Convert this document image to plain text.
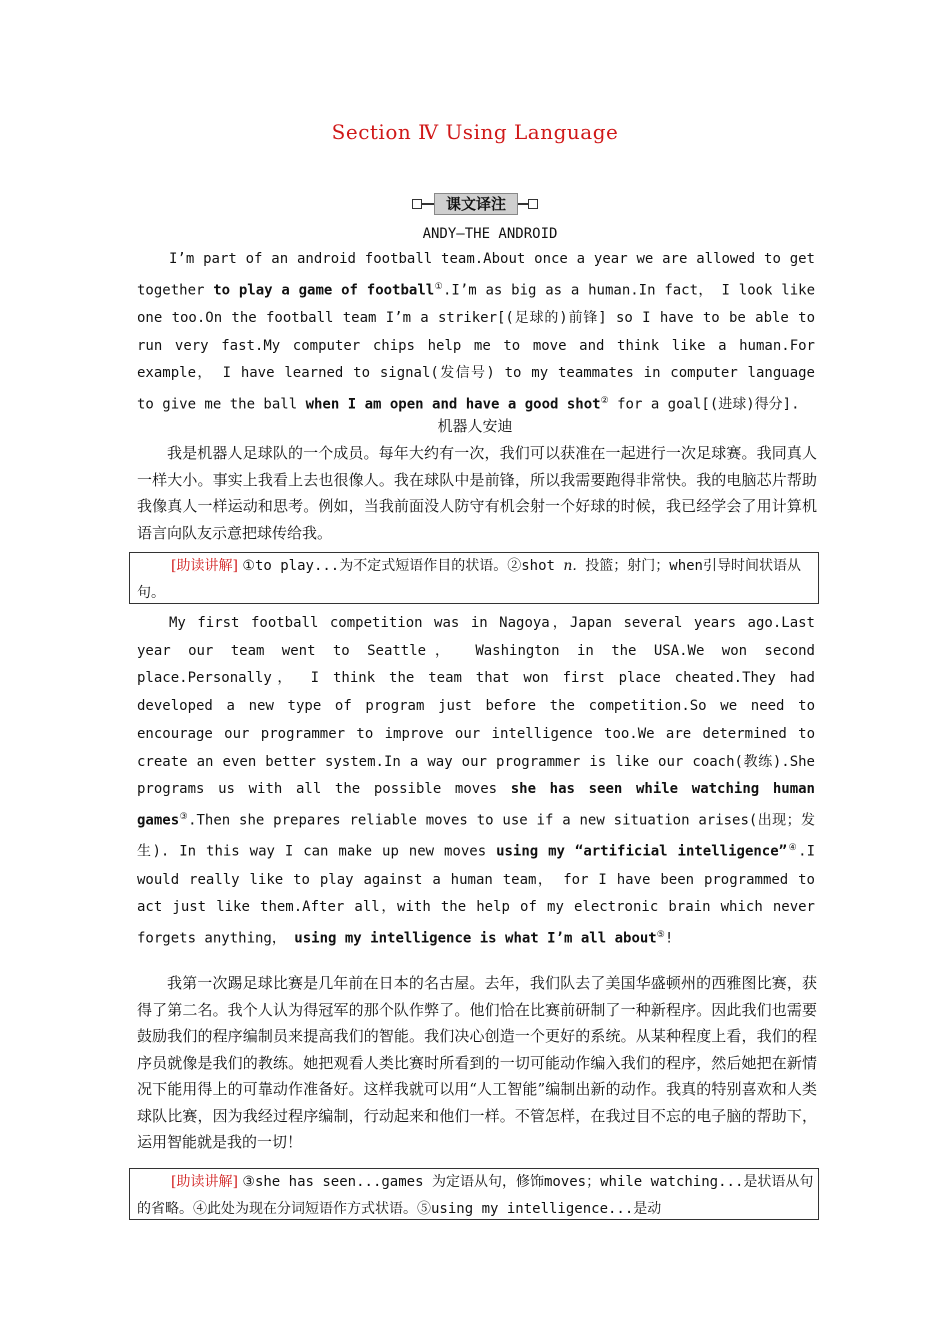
Section Ⅳ Using Language
课文译注
ANDY—THE ANDROID
I’m part of an android football team.About once a year we are allowed to get together to play a game of football①.I’m as big as a human.In fact， I look like one too.On the football team I’m a striker[(足球的)前锋] so I have to be able to run very fast.My computer chips help me to move and think like a human.For example， I have learned to signal(发信号) to my teammates in computer language to give me the ball when I am open and have a good shot② for a goal[(进球)得分].
机器人安迪
我是机器人足球队的一个成员。每年大约有一次，我们可以获准在一起进行一次足球赛。我同真人一样大小。事实上我看上去也很像人。我在球队中是前锋，所以我需要跑得非常快。我的电脑芯片帮助我像真人一样运动和思考。例如，当我前面没人防守有机会射一个好球的时候，我已经学会了用计算机语言向队友示意把球传给我。
[助读讲解] ①to play...为不定式短语作目的状语。②shot n. 投篮；射门；when引导时间状语从句。
My first football competition was in Nagoya，Japan several years ago.Last year our team went to Seattle， Washington in the USA.We won second place.Personally， I think the team that won first place cheated.They had developed a new type of program just before the competition.So we need to encourage our programmer to improve our intelligence too.We are determined to create an even better system.In a way our programmer is like our coach(教练).She programs us with all the possible moves she has seen while watching human games③.Then she prepares reliable moves to use if a new situation arises(出现；发生). In this way I can make up new moves using my “artificial intelligence”④.I would really like to play against a human team， for I have been programmed to act just like them.After all，with the help of my electronic brain which never forgets anything， using my intelligence is what I’m all about⑤!
我第一次踢足球比赛是几年前在日本的名古屋。去年，我们队去了美国华盛顿州的西雅图比赛，获得了第二名。我个人认为得冠军的那个队作弊了。他们恰在比赛前研制了一种新程序。因此我们也需要鼓励我们的程序编制员来提高我们的智能。我们决心创造一个更好的系统。从某种程度上看，我们的程序员就像是我们的教练。她把观看人类比赛时所看到的一切可能动作编入我们的程序，然后她把在新情况下能用得上的可靠动作准备好。这样我就可以用“人工智能”编制出新的动作。我真的特别喜欢和人类球队比赛，因为我经过程序编制，行动起来和他们一样。不管怎样，在我过目不忘的电子脑的帮助下，运用智能就是我的一切！
[助读讲解] ③she has seen...games 为定语从句，修饰moves；while watching...是状语从句的省略。④此处为现在分词短语作方式状语。⑤using my intelligence...是动
